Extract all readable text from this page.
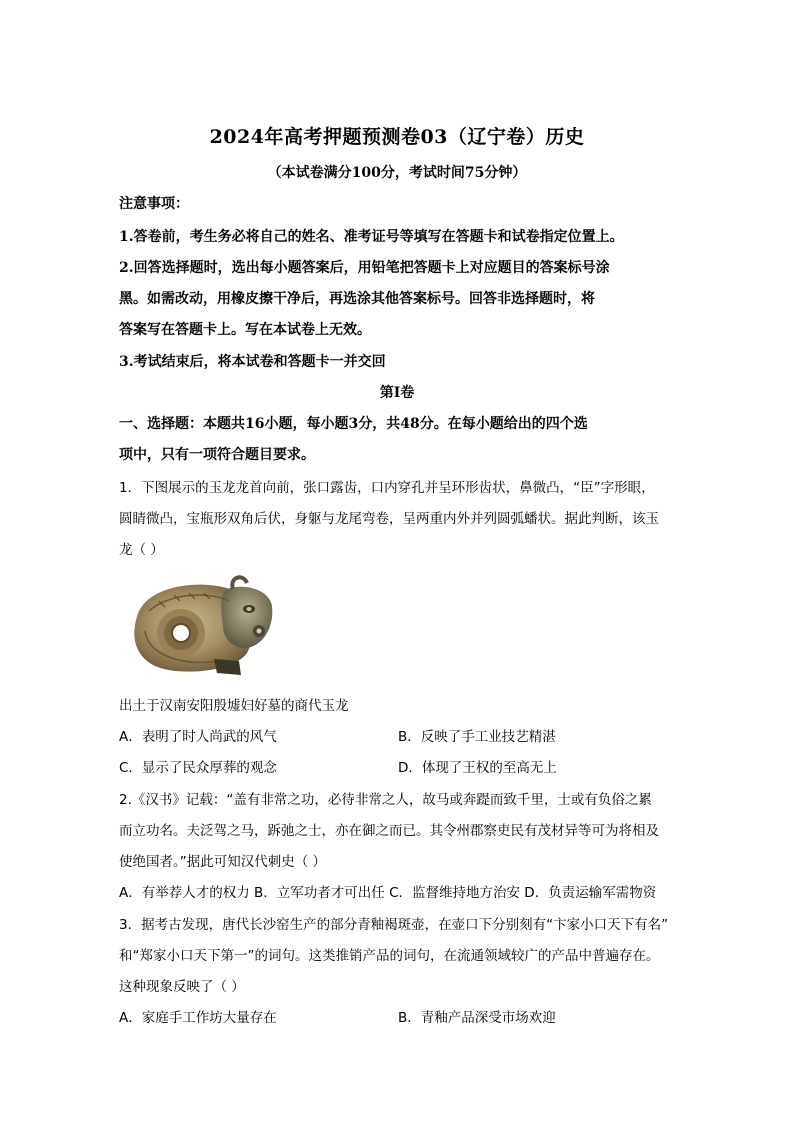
2024年高考押题预测卷03（辽宁卷）历史
（本试卷满分100分，考试时间75分钟）
注意事项：
1.答卷前，考生务必将自己的姓名、准考证号等填写在答题卡和试卷指定位置上。
2.回答选择题时，选出每小题答案后，用铅笔把答题卡上对应题目的答案标号涂
黑。如需改动，用橡皮擦干净后，再选涂其他答案标号。回答非选择题时，将
答案写在答题卡上。写在本试卷上无效。
3.考试结束后，将本试卷和答题卡一并交回
第I卷
一、选择题：本题共16小题，每小题3分，共48分。在每小题给出的四个选
项中，只有一项符合题目要求。
1．下图展示的玉龙龙首向前，张口露齿，口内穿孔并呈环形齿状，鼻微凸，“臣”字形眼，
圆睛微凸，宝瓶形双角后伏，身躯与龙尾弯卷，呈两重内外并列圆弧蟠状。据此判断，该玉
龙（ ）
出土于汉南安阳殷墟妇好墓的商代玉龙
A．表明了时人尚武的风气	B．反映了手工业技艺精湛
C．显示了民众厚葬的观念	D．体现了王权的至高无上
2.《汉书》记载：“盖有非常之功，必待非常之人，故马或奔踶而致千里，士或有负俗之累
而立功名。夫泛驾之马，跅弛之士，亦在御之而已。其令州郡察吏民有茂材异等可为将相及
使绝国者。”据此可知汉代刺史（ ）
A．有举荐人才的权力 B．立军功者才可出任 C．监督维持地方治安 D．负责运输军需物资
3．据考古发现，唐代长沙窑生产的部分青釉褐斑壶，在壶口下分别刻有“卞家小口天下有名”
和“郑家小口天下第一”的词句。这类推销产品的词句，在流通领域较广的产品中普遍存在。
这种现象反映了（ ）
A．家庭手工作坊大量存在	B．青釉产品深受市场欢迎
